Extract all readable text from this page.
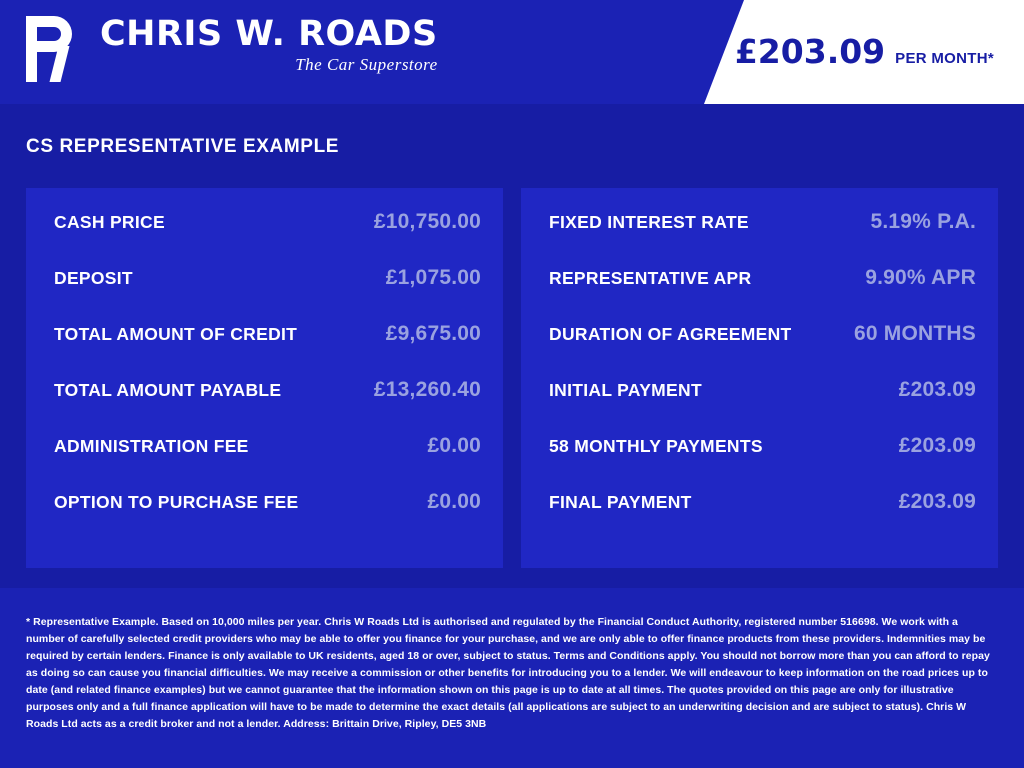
CHRIS W. ROADS
The Car Superstore	£203.09 PER MONTH*
CS REPRESENTATIVE EXAMPLE
CASH PRICE	£10,750.00
DEPOSIT	£1,075.00
TOTAL AMOUNT OF CREDIT	£9,675.00
TOTAL AMOUNT PAYABLE	£13,260.40
ADMINISTRATION FEE	£0.00
OPTION TO PURCHASE FEE	£0.00
FIXED INTEREST RATE	5.19% P.A.
REPRESENTATIVE APR	9.90% APR
DURATION OF AGREEMENT	60 MONTHS
INITIAL PAYMENT	£203.09
58 MONTHLY PAYMENTS	£203.09
FINAL PAYMENT	£203.09

* Representative Example. Based on 10,000 miles per year. Chris W Roads Ltd is authorised and regulated by the Financial Conduct Authority, registered number 516698. We work with a number of carefully selected credit providers who may be able to offer you finance for your purchase, and we are only able to offer finance products from these providers. Indemnities may be required by certain lenders. Finance is only available to UK residents, aged 18 or over, subject to status. Terms and Conditions apply. You should not borrow more than you can afford to repay as doing so can cause you financial difficulties. We may receive a commission or other benefits for introducing you to a lender. We will endeavour to keep information on the road prices up to date (and related finance examples) but we cannot guarantee that the information shown on this page is up to date at all times. The quotes provided on this page are only for illustrative purposes only and a full finance application will have to be made to determine the exact details (all applications are subject to an underwriting decision and are subject to status). Chris W Roads Ltd acts as a credit broker and not a lender. Address: Brittain Drive, Ripley, DE5 3NB
